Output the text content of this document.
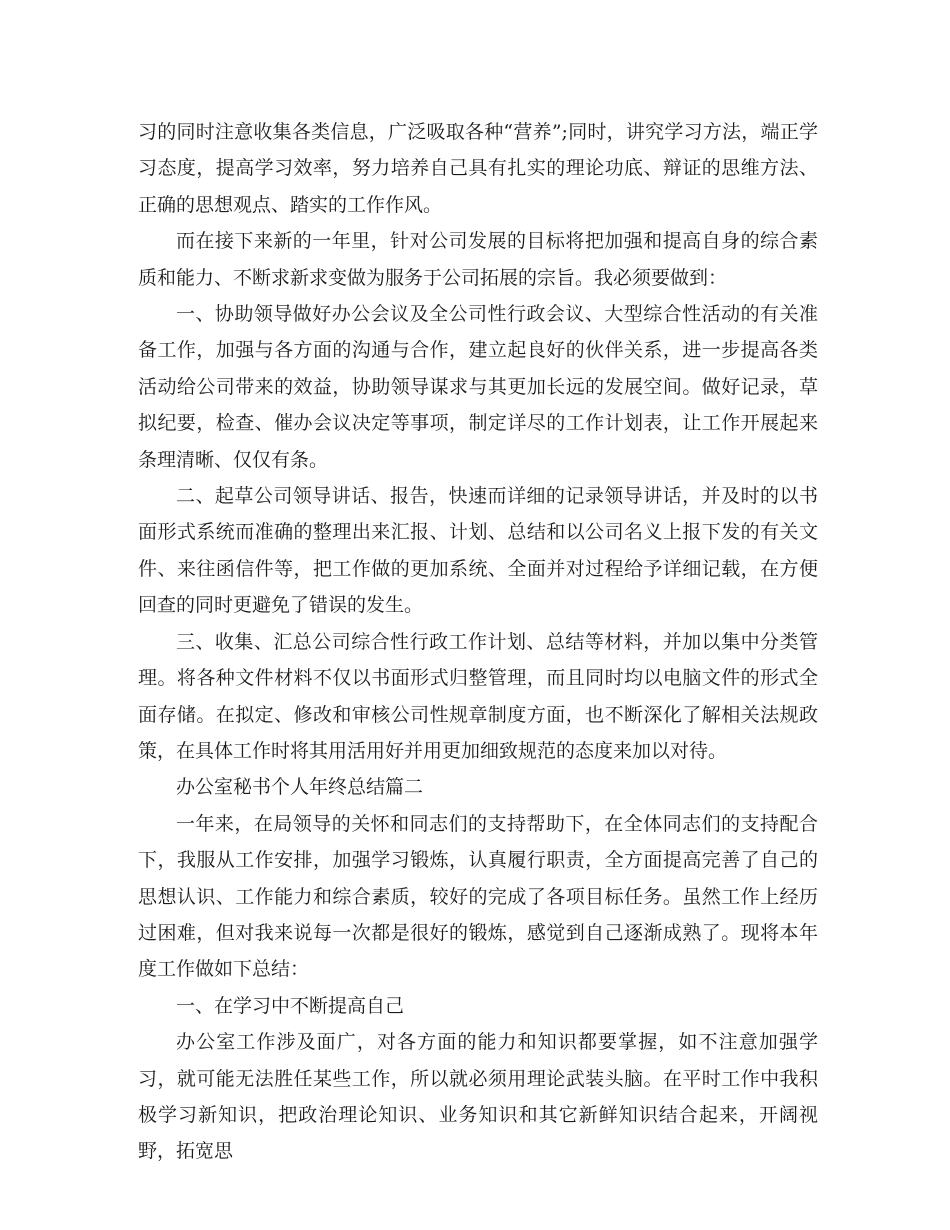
习的同时注意收集各类信息，广泛吸取各种“营养”;同时，讲究学习方法，端正学习态度，提高学习效率，努力培养自己具有扎实的理论功底、辩证的思维方法、正确的思想观点、踏实的工作作风。

而在接下来新的一年里，针对公司发展的目标将把加强和提高自身的综合素质和能力、不断求新求变做为服务于公司拓展的宗旨。我必须要做到：

一、协助领导做好办公会议及全公司性行政会议、大型综合性活动的有关准备工作，加强与各方面的沟通与合作，建立起良好的伙伴关系，进一步提高各类活动给公司带来的效益，协助领导谋求与其更加长远的发展空间。做好记录，草拟纪要，检查、催办会议决定等事项，制定详尽的工作计划表，让工作开展起来条理清晰、仅仅有条。

二、起草公司领导讲话、报告，快速而详细的记录领导讲话，并及时的以书面形式系统而准确的整理出来汇报、计划、总结和以公司名义上报下发的有关文件、来往函信件等，把工作做的更加系统、全面并对过程给予详细记载，在方便回查的同时更避免了错误的发生。

三、收集、汇总公司综合性行政工作计划、总结等材料，并加以集中分类管理。将各种文件材料不仅以书面形式归整管理，而且同时均以电脑文件的形式全面存储。在拟定、修改和审核公司性规章制度方面，也不断深化了解相关法规政策，在具体工作时将其用活用好并用更加细致规范的态度来加以对待。

办公室秘书个人年终总结篇二

一年来，在局领导的关怀和同志们的支持帮助下，在全体同志们的支持配合下，我服从工作安排，加强学习锻炼，认真履行职责，全方面提高完善了自己的思想认识、工作能力和综合素质，较好的完成了各项目标任务。虽然工作上经历过困难，但对我来说每一次都是很好的锻炼，感觉到自己逐渐成熟了。现将本年度工作做如下总结：

一、在学习中不断提高自己

办公室工作涉及面广，对各方面的能力和知识都要掌握，如不注意加强学习，就可能无法胜任某些工作，所以就必须用理论武装头脑。在平时工作中我积极学习新知识，把政治理论知识、业务知识和其它新鲜知识结合起来，开阔视野，拓宽思
